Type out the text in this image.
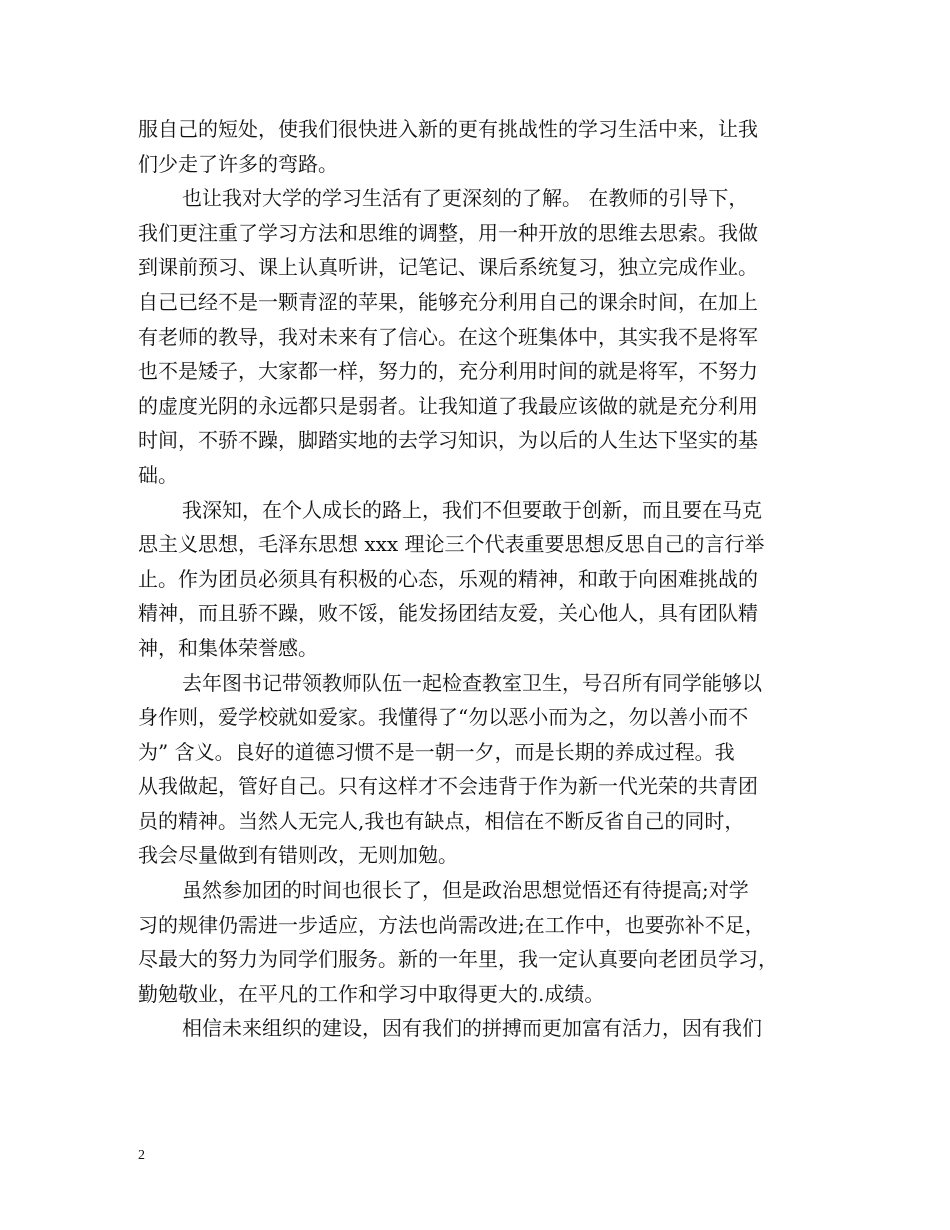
服自己的短处，使我们很快进入新的更有挑战性的学习生活中来，让我
们少走了许多的弯路。
也让我对大学的学习生活有了更深刻的了解。 在教师的引导下，
我们更注重了学习方法和思维的调整，用一种开放的思维去思索。我做
到课前预习、课上认真听讲，记笔记、课后系统复习，独立完成作业。
自己已经不是一颗青涩的苹果，能够充分利用自己的课余时间，在加上
有老师的教导，我对未来有了信心。在这个班集体中，其实我不是将军
也不是矮子，大家都一样，努力的，充分利用时间的就是将军，不努力
的虚度光阴的永远都只是弱者。让我知道了我最应该做的就是充分利用
时间，不骄不躁，脚踏实地的去学习知识，为以后的人生达下坚实的基
础。
我深知，在个人成长的路上，我们不但要敢于创新，而且要在马克
思主义思想，毛泽东思想 xxx 理论三个代表重要思想反思自己的言行举
止。作为团员必须具有积极的心态，乐观的精神，和敢于向困难挑战的
精神，而且骄不躁，败不馁，能发扬团结友爱，关心他人，具有团队精
神，和集体荣誉感。
去年图书记带领教师队伍一起检查教室卫生，号召所有同学能够以
身作则，爱学校就如爱家。我懂得了“勿以恶小而为之，勿以善小而不
为” 含义。良好的道德习惯不是一朝一夕，而是长期的养成过程。我
从我做起，管好自己。只有这样才不会违背于作为新一代光荣的共青团
员的精神。当然人无完人,我也有缺点，相信在不断反省自己的同时，
我会尽量做到有错则改，无则加勉。
虽然参加团的时间也很长了，但是政治思想觉悟还有待提高;对学
习的规律仍需进一步适应，方法也尚需改进;在工作中，也要弥补不足，
尽最大的努力为同学们服务。新的一年里，我一定认真要向老团员学习，
勤勉敬业，在平凡的工作和学习中取得更大的.成绩。
相信未来组织的建设，因有我们的拼搏而更加富有活力，因有我们
2
